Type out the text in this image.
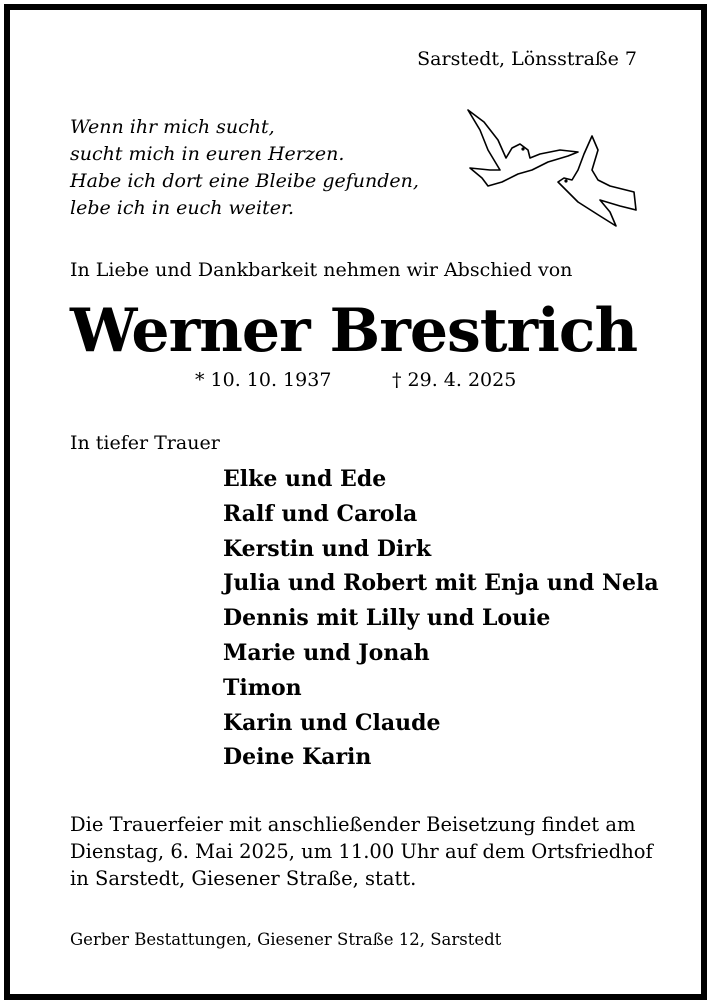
Sarstedt, Lönsstraße 7
Wenn ihr mich sucht,
sucht mich in euren Herzen.
Habe ich dort eine Bleibe gefunden,
lebe ich in euch weiter.
In Liebe und Dankbarkeit nehmen wir Abschied von
Werner Brestrich
* 10. 10. 1937	† 29. 4. 2025
In tiefer Trauer
Elke und Ede
Ralf und Carola
Kerstin und Dirk
Julia und Robert mit Enja und Nela
Dennis mit Lilly und Louie
Marie und Jonah
Timon
Karin und Claude
Deine Karin
Die Trauerfeier mit anschließender Beisetzung findet am
Dienstag, 6. Mai 2025, um 11.00 Uhr auf dem Ortsfriedhof
in Sarstedt, Giesener Straße, statt.
Gerber Bestattungen, Giesener Straße 12, Sarstedt
